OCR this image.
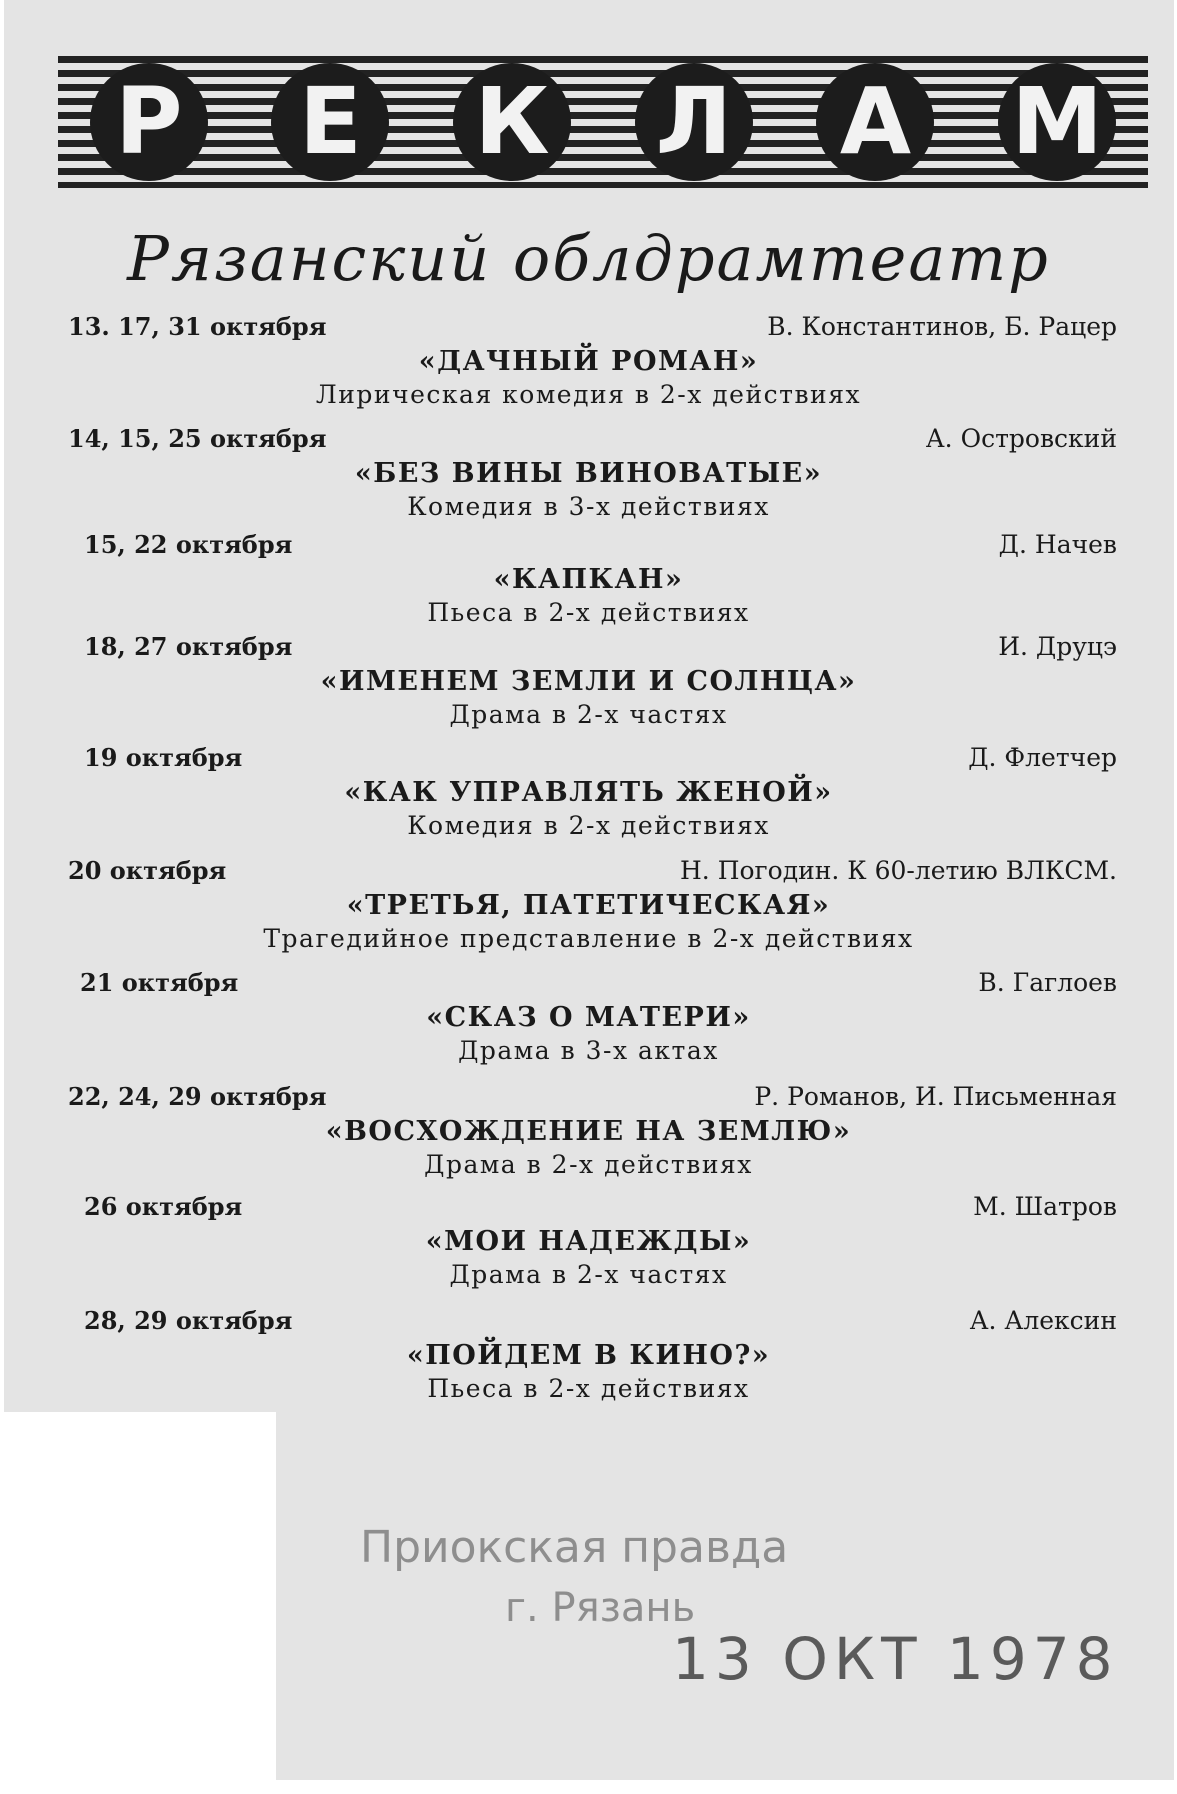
Р Е К Л А М
Рязанский облдрамтеатр
13. 17, 31 октября	В. Константинов, Б. Рацер
«ДАЧНЫЙ РОМАН»
Лирическая комедия в 2-х действиях
14, 15, 25 октября	А. Островский
«БЕЗ ВИНЫ ВИНОВАТЫЕ»
Комедия в 3-х действиях
15, 22 октября	Д. Начев
«КАПКАН»
Пьеса в 2-х действиях
18, 27 октября	И. Друцэ
«ИМЕНЕМ ЗЕМЛИ И СОЛНЦА»
Драма в 2-х частях
19 октября	Д. Флетчер
«КАК УПРАВЛЯТЬ ЖЕНОЙ»
Комедия в 2-х действиях
20 октября	Н. Погодин. К 60-летию ВЛКСМ.
«ТРЕТЬЯ, ПАТЕТИЧЕСКАЯ»
Трагедийное представление в 2-х действиях
21 октября	В. Гаглоев
«СКАЗ О МАТЕРИ»
Драма в 3-х актах
22, 24, 29 октября	Р. Романов, И. Письменная
«ВОСХОЖДЕНИЕ НА ЗЕМЛЮ»
Драма в 2-х действиях
26 октября	М. Шатров
«МОИ НАДЕЖДЫ»
Драма в 2-х частях
28, 29 октября	А. Алексин
«ПОЙДЕМ В КИНО?»
Пьеса в 2-х действиях
Приокская правда
г. Рязань
13 ОКТ 1978
